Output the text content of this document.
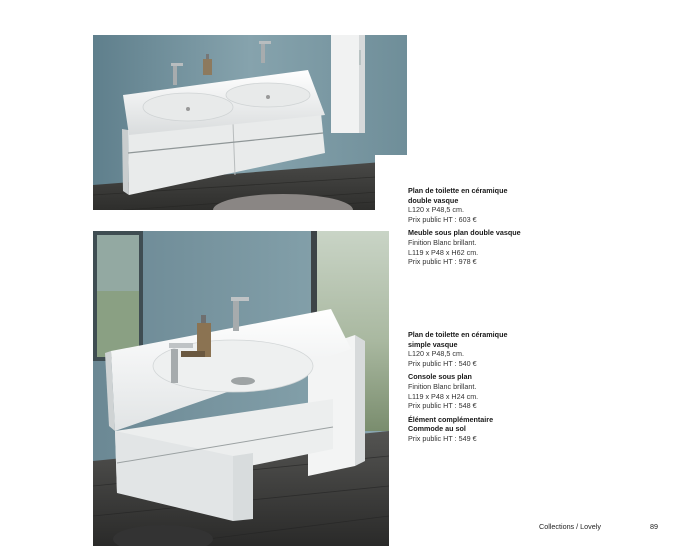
Plan de toilette en céramique
double vasque
L120 x P48,5 cm.
Prix public HT : 603 €
Meuble sous plan double vasque
Finition Blanc brillant.
L119 x P48 x H62 cm.
Prix public HT : 978 €
Plan de toilette en céramique
simple vasque
L120 x P48,5 cm.
Prix public HT : 540 €
Console sous plan
Finition Blanc brillant.
L119 x P48 x H24 cm.
Prix public HT : 548 €
Élément complémentaire
Commode au sol
Prix public HT : 549 €
Collections / Lovely	89
